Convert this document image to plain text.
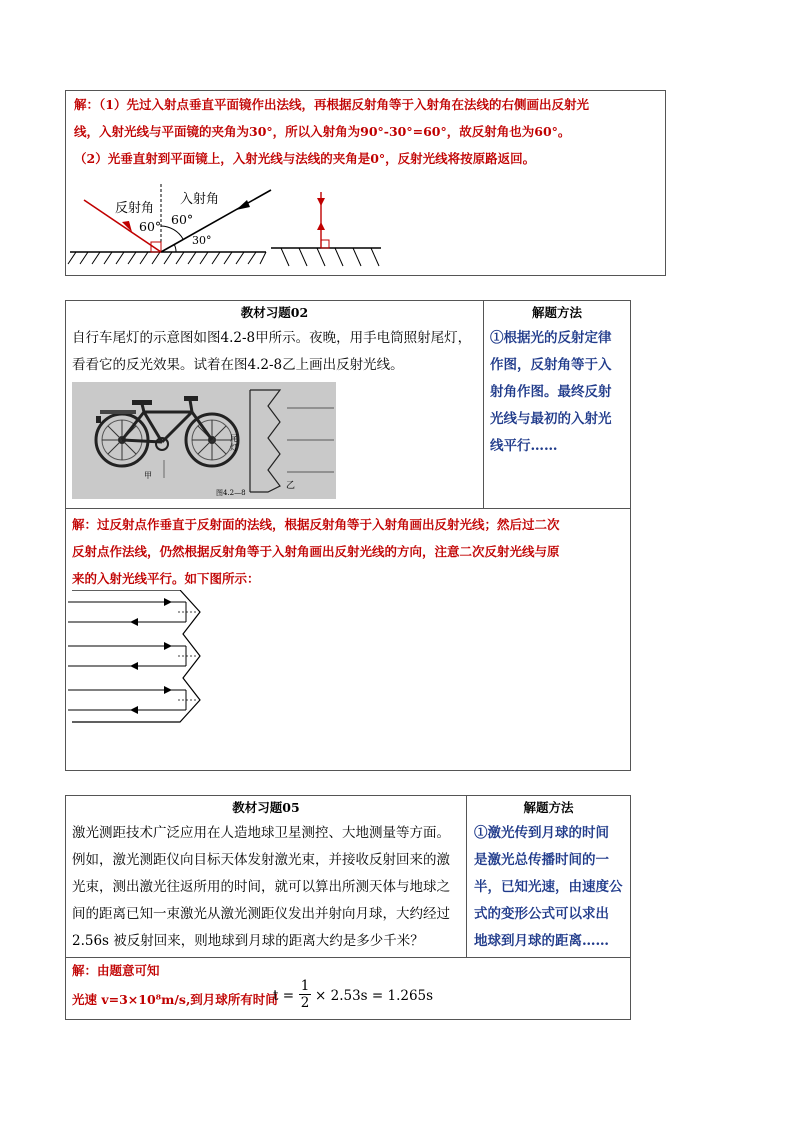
解：（1）先过入射点垂直平面镜作出法线，再根据反射角等于入射角在法线的右侧画出反射光
线，入射光线与平面镜的夹角为30°，所以入射角为90°-30°=60°，故反射角也为60°。
（2）光垂直射到平面镜上，入射光线与法线的夹角是0°，反射光线将按原路返回。
反射角
入射角
60° 60°
30°
教材习题02	解题方法
自行车尾灯的示意图如图4.2-8甲所示。夜晚，用手电筒照射尾灯，
看看它的反光效果。试着在图4.2-8乙上画出反射光线。
尾灯
甲
乙
图4.2—8
①根据光的反射定律
作图，反射角等于入
射角作图。最终反射
光线与最初的入射光
线平行……
解：过反射点作垂直于反射面的法线，根据反射角等于入射角画出反射光线；然后过二次
反射点作法线，仍然根据反射角等于入射角画出反射光线的方向，注意二次反射光线与原
来的入射光线平行。如下图所示：
教材习题05	解题方法
激光测距技术广泛应用在人造地球卫星测控、大地测量等方面。
例如，激光测距仪向目标天体发射激光束，并接收反射回来的激
光束，测出激光往返所用的时间，就可以算出所测天体与地球之
间的距离已知一束激光从激光测距仪发出并射向月球，大约经过
2.56s 被反射回来，则地球到月球的距离大约是多少千米？
①激光传到月球的时间
是激光总传播时间的一
半，已知光速，由速度公
式的变形公式可以求出
地球到月球的距离……
解：由题意可知
光速 v=3×10⁸m/s,到月球所有时间
t =
1
2 × 2.53s = 1.265s
